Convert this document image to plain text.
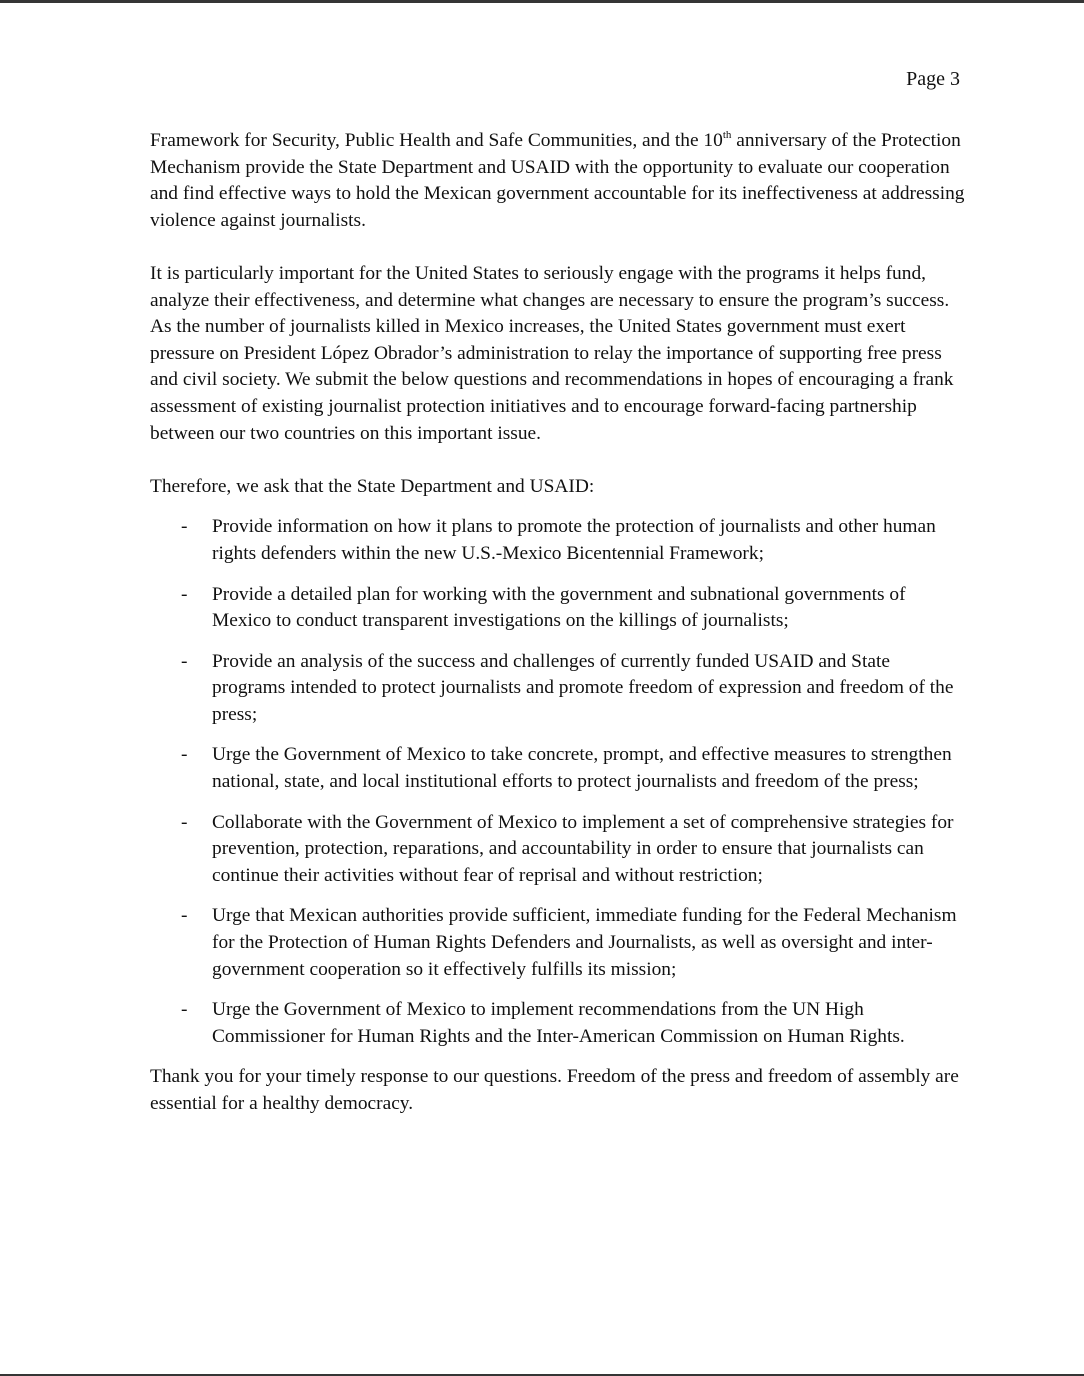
Page 3

Framework for Security, Public Health and Safe Communities, and the 10th anniversary of the Protection Mechanism provide the State Department and USAID with the opportunity to evaluate our cooperation and find effective ways to hold the Mexican government accountable for its ineffectiveness at addressing violence against journalists.

It is particularly important for the United States to seriously engage with the programs it helps fund, analyze their effectiveness, and determine what changes are necessary to ensure the program’s success. As the number of journalists killed in Mexico increases, the United States government must exert pressure on President López Obrador’s administration to relay the importance of supporting free press and civil society. We submit the below questions and recommendations in hopes of encouraging a frank assessment of existing journalist protection initiatives and to encourage forward-facing partnership between our two countries on this important issue.

Therefore, we ask that the State Department and USAID:

- Provide information on how it plans to promote the protection of journalists and other human rights defenders within the new U.S.-Mexico Bicentennial Framework;
- Provide a detailed plan for working with the government and subnational governments of Mexico to conduct transparent investigations on the killings of journalists;
- Provide an analysis of the success and challenges of currently funded USAID and State programs intended to protect journalists and promote freedom of expression and freedom of the press;
- Urge the Government of Mexico to take concrete, prompt, and effective measures to strengthen national, state, and local institutional efforts to protect journalists and freedom of the press;
- Collaborate with the Government of Mexico to implement a set of comprehensive strategies for prevention, protection, reparations, and accountability in order to ensure that journalists can continue their activities without fear of reprisal and without restriction;
- Urge that Mexican authorities provide sufficient, immediate funding for the Federal Mechanism for the Protection of Human Rights Defenders and Journalists, as well as oversight and inter-government cooperation so it effectively fulfills its mission;
- Urge the Government of Mexico to implement recommendations from the UN High Commissioner for Human Rights and the Inter-American Commission on Human Rights.

Thank you for your timely response to our questions. Freedom of the press and freedom of assembly are essential for a healthy democracy.
